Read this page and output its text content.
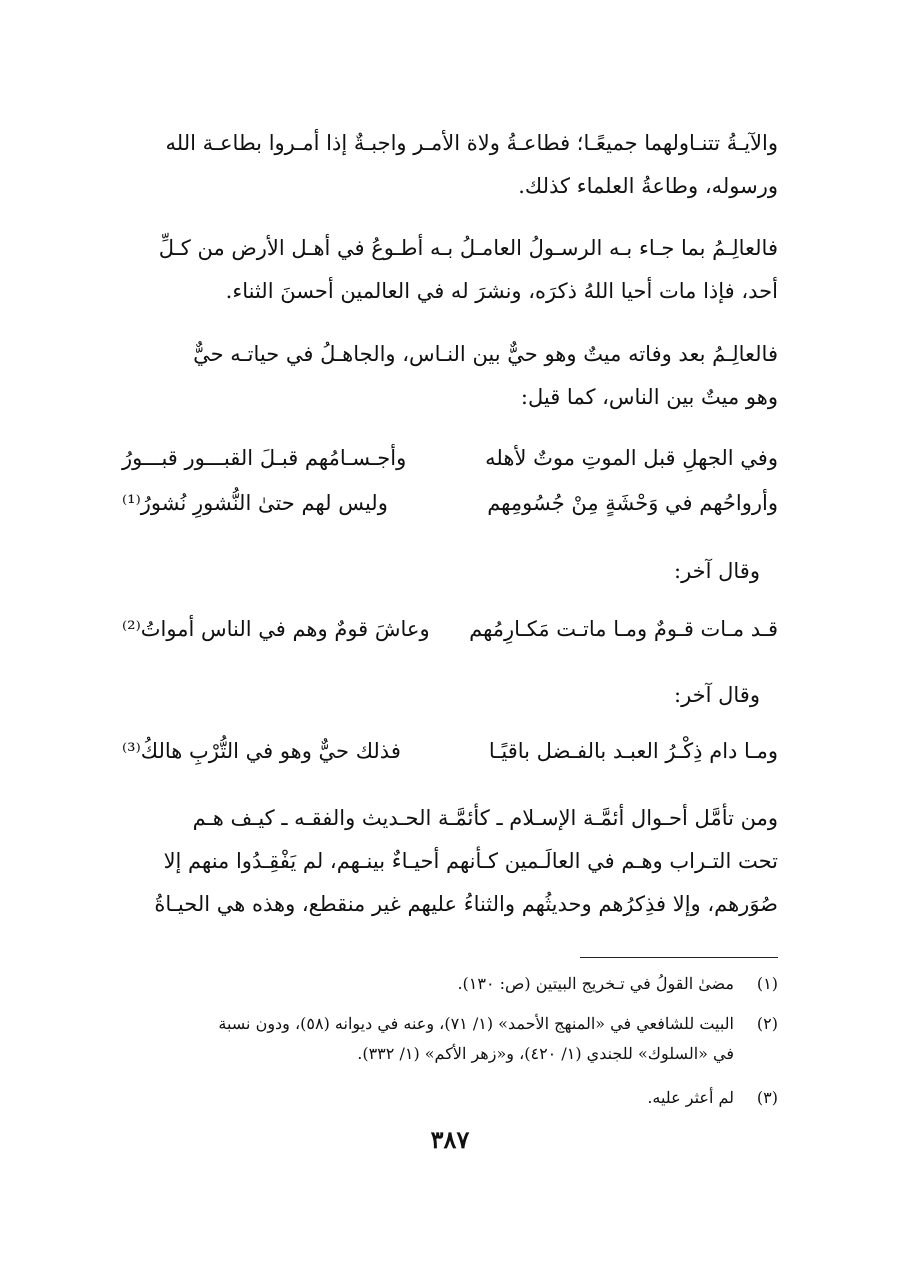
والآيـةُ تتنـاولهما جميعًـا؛ فطاعـةُ ولاة الأمـر واجبـةٌ إذا أمـروا بطاعـة الله
ورسوله، وطاعةُ العلماء كذلك.

فالعالِـمُ بما جـاء بـه الرسـولُ العامـلُ بـه أطـوعُ في أهـل الأرض من كـلِّ
أحد، فإذا مات أحيا اللهُ ذكرَه، ونشرَ له في العالمين أحسنَ الثناء.

فالعالِـمُ بعد وفاته ميتٌ وهو حيٌّ بين النـاس، والجاهـلُ في حياتـه حيٌّ
وهو ميتٌ بين الناس، كما قيل:

وفي الجهلِ قبل الموتِ موتٌ لأهله
وأجـسـامُهم قبـلَ القبـــور قبـــورُ
وأرواحُهم في وَحْشَةٍ مِنْ جُسُومِهم
وليس لهم حتىٰ النُّشورِ نُشورُ⁽¹⁾
وقال آخر:
قـد مـات قـومٌ ومـا ماتـت مَكـارِمُهم
وعاشَ قومٌ وهم في الناس أمواتُ⁽²⁾
وقال آخر:
ومـا دام ذِكْـرُ العبـد بالفـضل باقيًـا
فذلك حيٌّ وهو في التُّرْبِ هالكُ⁽³⁾

ومن تأمَّل أحـوال أئمَّـة الإسـلام ـ كأئمَّـة الحـديث والفقـه ـ كيـف هـم
تحت التـراب وهـم في العالَـمين كـأنهم أحيـاءٌ بينـهم، لم يَفْقِـدُوا منهم إلا
صُوَرهم، وإلا فذِكرُهم وحديثُهم والثناءُ عليهم غير منقطع، وهذه هي الحيـاةُ

(١)مضىٰ القولُ في تـخريج البيتين (ص: ١٣٠).
(٢)البيت للشافعي في «المنهج الأحمد» (١/ ٧١)، وعنه في ديوانه (٥٨)، ودون نسبة
في «السلوك» للجندي (١/ ٤٢٠)، و«زهر الأكم» (١/ ٣٣٢).
(٣)لم أعثر عليه.
٣٨٧
